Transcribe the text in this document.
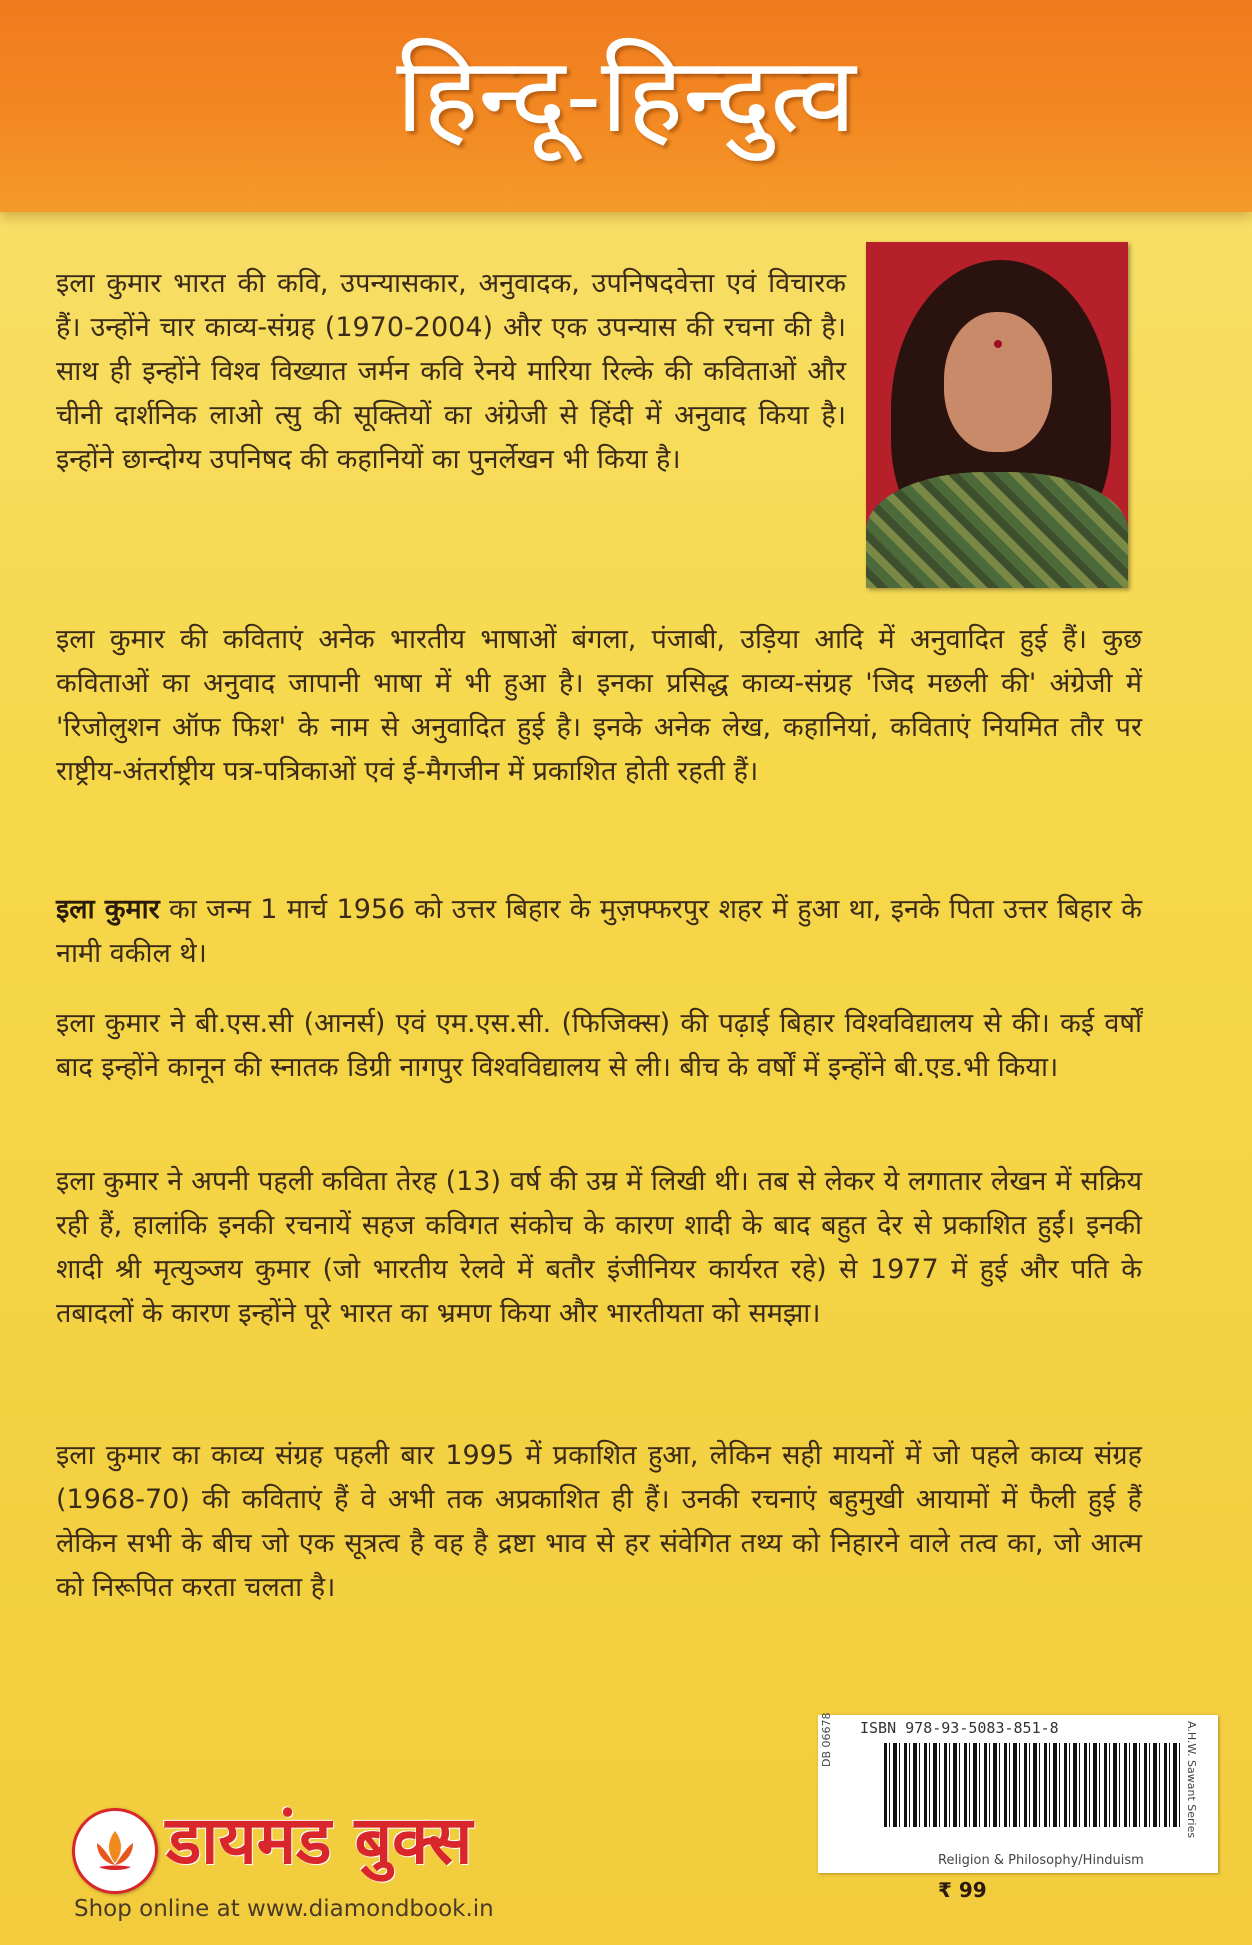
हिन्दू-हिन्दुत्व

इला कुमार भारत की कवि, उपन्यासकार, अनुवादक, उपनिषदवेत्ता एवं विचारक हैं। उन्होंने चार काव्य-संग्रह (1970-2004) और एक उपन्यास की रचना की है। साथ ही इन्होंने विश्व विख्यात जर्मन कवि रेनये मारिया रिल्के की कविताओं और चीनी दार्शनिक लाओ त्सु की सूक्तियों का अंग्रेजी से हिंदी में अनुवाद किया है। इन्होंने छान्दोग्य उपनिषद की कहानियों का पुनर्लेखन भी किया है।

इला कुमार की कविताएं अनेक भारतीय भाषाओं बंगला, पंजाबी, उड़िया आदि में अनुवादित हुई हैं। कुछ कविताओं का अनुवाद जापानी भाषा में भी हुआ है। इनका प्रसिद्ध काव्य-संग्रह 'जिद मछली की' अंग्रेजी में 'रिजोलुशन ऑफ फिश' के नाम से अनुवादित हुई है। इनके अनेक लेख, कहानियां, कविताएं नियमित तौर पर राष्ट्रीय-अंतर्राष्ट्रीय पत्र-पत्रिकाओं एवं ई-मैगजीन में प्रकाशित होती रहती हैं।

इला कुमार का जन्म 1 मार्च 1956 को उत्तर बिहार के मुज़फ्फरपुर शहर में हुआ था, इनके पिता उत्तर बिहार के नामी वकील थे।

इला कुमार ने बी.एस.सी (आनर्स) एवं एम.एस.सी. (फिजिक्स) की पढ़ाई बिहार विश्वविद्यालय से की। कई वर्षों बाद इन्होंने कानून की स्नातक डिग्री नागपुर विश्वविद्यालय से ली। बीच के वर्षों में इन्होंने बी.एड.भी किया।

इला कुमार ने अपनी पहली कविता तेरह (13) वर्ष की उम्र में लिखी थी। तब से लेकर ये लगातार लेखन में सक्रिय रही हैं, हालांकि इनकी रचनायें सहज कविगत संकोच के कारण शादी के बाद बहुत देर से प्रकाशित हुईं। इनकी शादी श्री मृत्युञ्जय कुमार (जो भारतीय रेलवे में बतौर इंजीनियर कार्यरत रहे) से 1977 में हुई और पति के तबादलों के कारण इन्होंने पूरे भारत का भ्रमण किया और भारतीयता को समझा।

इला कुमार का काव्य संग्रह पहली बार 1995 में प्रकाशित हुआ, लेकिन सही मायनों में जो पहले काव्य संग्रह (1968-70) की कविताएं हैं वे अभी तक अप्रकाशित ही हैं। उनकी रचनाएं बहुमुखी आयामों में फैली हुई हैं लेकिन सभी के बीच जो एक सूत्रत्व है वह है द्रष्टा भाव से हर संवेगित तथ्य को निहारने वाले तत्व का, जो आत्म को निरूपित करता चलता है।

ISBN 978-93-5083-851-8
DB 06678	A.H.W. Sawant Series
Religion & Philosophy/Hinduism
₹ 99
डायमंड बुक्स
Shop online at www.diamondbook.in
